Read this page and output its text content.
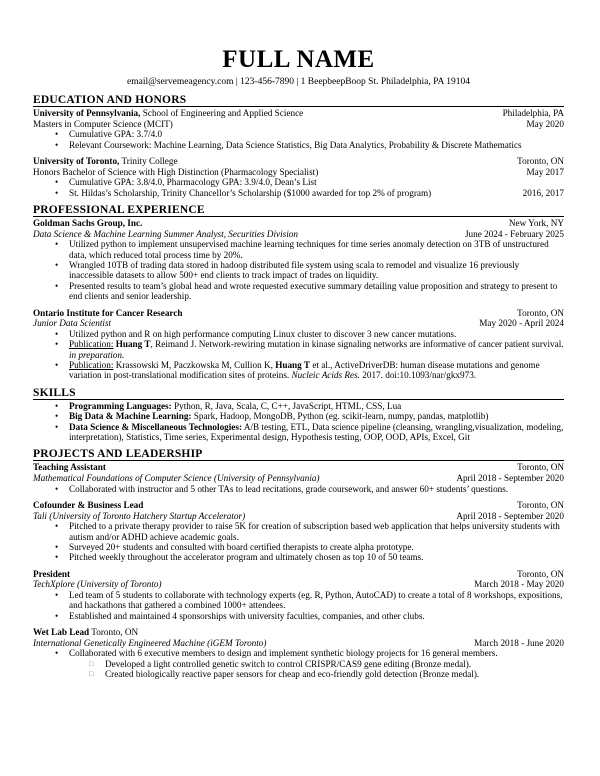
FULL NAME
email@servemeagency.com | 123-456-7890 | 1 BeepbeepBoop St. Philadelphia, PA 19104
EDUCATION AND HONORS
University of Pennsylvania, School of Engineering and Applied Science	Philadelphia, PA
Masters in Computer Science (MCIT)	May 2020
• Cumulative GPA: 3.7/4.0
• Relevant Coursework: Machine Learning, Data Science Statistics, Big Data Analytics, Probability & Discrete Mathematics
University of Toronto, Trinity College	Toronto, ON
Honors Bachelor of Science with High Distinction (Pharmacology Specialist)	May 2017
• Cumulative GPA: 3.8/4.0, Pharmacology GPA: 3.9/4.0, Dean’s List
• St. Hildas’s Scholarship, Trinity Chancellor’s Scholarship ($1000 awarded for top 2% of program)	2016, 2017
PROFESSIONAL EXPERIENCE
Goldman Sachs Group, Inc.	New York, NY
Data Science & Machine Learning Summer Analyst, Securities Division	June 2024 - February 2025
• Utilized python to implement unsupervised machine learning techniques for time series anomaly detection on 3TB of unstructured data, which reduced total process time by 20%.
• Wrangled 10TB of trading data stored in hadoop distributed file system using scala to remodel and visualize 16 previously inaccessible datasets to allow 500+ end clients to track impact of trades on liquidity.
• Presented results to team’s global head and wrote requested executive summary detailing value proposition and strategy to present to end clients and senior leadership.
Ontario Institute for Cancer Research	Toronto, ON
Junior Data Scientist	May 2020 - April 2024
• Utilized python and R on high performance computing Linux cluster to discover 3 new cancer mutations.
• Publication: Huang T, Reimand J. Network-rewiring mutation in kinase signaling networks are informative of cancer patient survival. in preparation.
• Publication: Krassowski M, Paczkowska M, Cullion K, Huang T et al., ActiveDriverDB: human disease mutations and genome variation in post-translational modification sites of proteins. Nucleic Acids Res. 2017. doi:10.1093/nar/gkx973.
SKILLS
• Programming Languages: Python, R, Java, Scala, C, C++, JavaScript, HTML, CSS, Lua
• Big Data & Machine Learning: Spark, Hadoop, MongoDB, Python (eg. scikit-learn, numpy, pandas, matplotlib)
• Data Science & Miscellaneous Technologies: A/B testing, ETL, Data science pipeline (cleansing, wrangling,visualization, modeling, interpretation), Statistics, Time series, Experimental design, Hypothesis testing, OOP, OOD, APIs, Excel, Git
PROJECTS AND LEADERSHIP
Teaching Assistant	Toronto, ON
Mathematical Foundations of Computer Science (University of Pennsylvania)	April 2018 - September 2020
• Collaborated with instructor and 5 other TAs to lead recitations, grade coursework, and answer 60+ students’ questions.
Cofounder & Business Lead	Toronto, ON
Tali (University of Toronto Hatchery Startup Accelerator)	April 2018 - September 2020
• Pitched to a private therapy provider to raise 5K for creation of subscription based web application that helps university students with autism and/or ADHD achieve academic goals.
• Surveyed 20+ students and consulted with board certified therapists to create alpha prototype.
• Pitched weekly throughout the accelerator program and ultimately chosen as top 10 of 50 teams.
President	Toronto, ON
TechXplore (University of Toronto)	March 2018 - May 2020
• Led team of 5 students to collaborate with technology experts (eg. R, Python, AutoCAD) to create a total of 8 workshops, expositions, and hackathons that gathered a combined 1000+ attendees.
• Established and maintained 4 sponsorships with university faculties, companies, and other clubs.
Wet Lab Lead Toronto, ON
International Genetically Engineered Machine (iGEM Toronto)	March 2018 - June 2020
• Collaborated with 6 executive members to design and implement synthetic biology projects for 16 general members.
□ Developed a light controlled genetic switch to control CRISPR/CAS9 gene editing (Bronze medal).
□ Created biologically reactive paper sensors for cheap and eco-friendly gold detection (Bronze medal).
